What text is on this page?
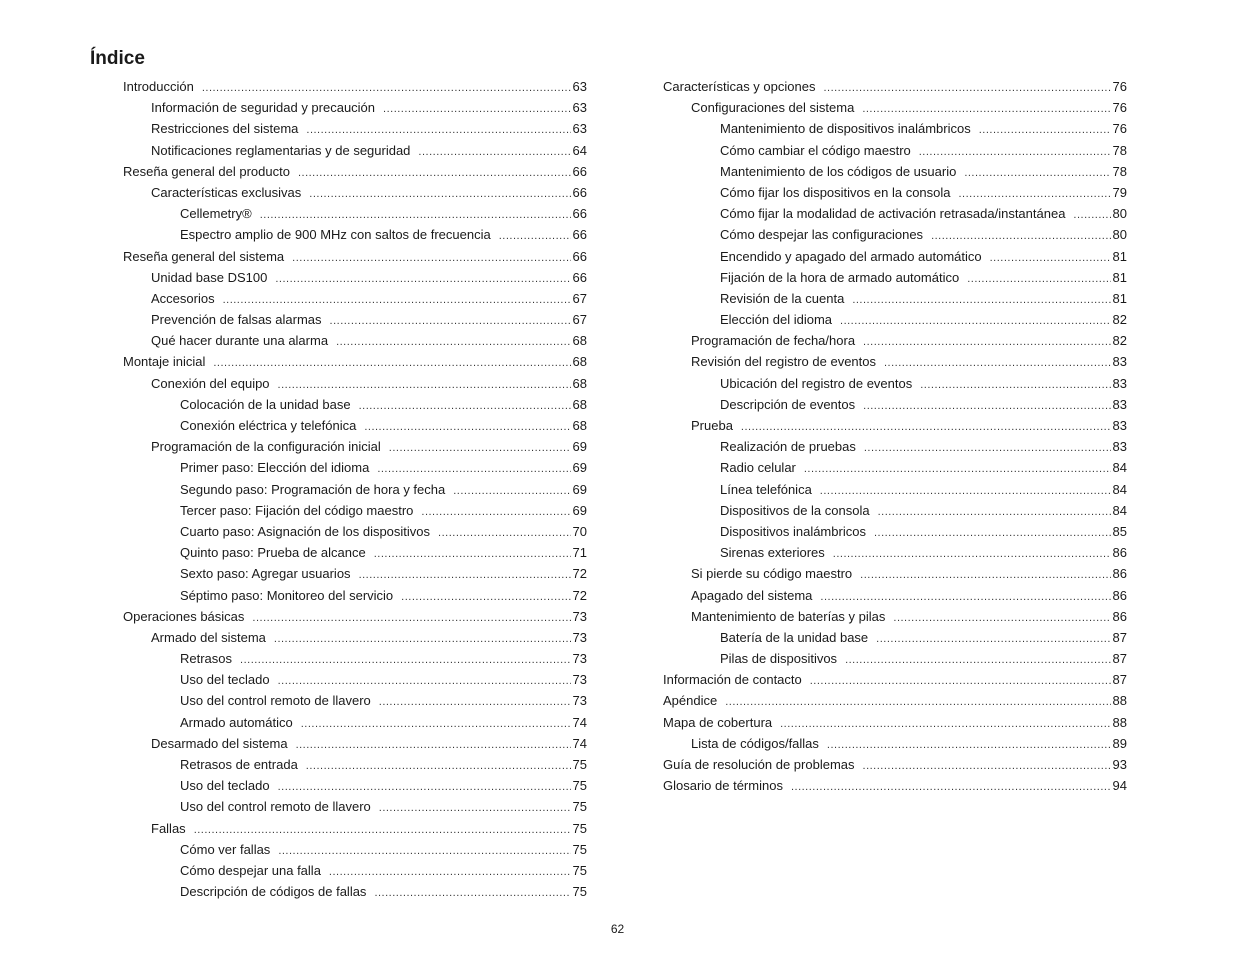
Índice
Introducción .....	63
Información de seguridad y precaución .....	63
Restricciones del sistema .....	63
Notificaciones reglamentarias y de seguridad .....	64
Reseña general del producto .....	66
Características exclusivas .....	66
Cellemetry® .....	66
Espectro amplio de 900 MHz con saltos de frecuencia .....	66
Reseña general del sistema .....	66
Unidad base DS100 .....	66
Accesorios .....	67
Prevención de falsas alarmas .....	67
Qué hacer durante una alarma .....	68
Montaje inicial .....	68
Conexión del equipo .....	68
Colocación de la unidad base .....	68
Conexión eléctrica y telefónica .....	68
Programación de la configuración inicial .....	69
Primer paso: Elección del idioma .....	69
Segundo paso: Programación de hora y fecha .....	69
Tercer paso: Fijación del código maestro .....	69
Cuarto paso: Asignación de los dispositivos .....	70
Quinto paso: Prueba de alcance .....	71
Sexto paso: Agregar usuarios .....	72
Séptimo paso: Monitoreo del servicio .....	72
Operaciones básicas .....	73
Armado del sistema .....	73
Retrasos .....	73
Uso del teclado .....	73
Uso del control remoto de llavero .....	73
Armado automático .....	74
Desarmado del sistema .....	74
Retrasos de entrada .....	75
Uso del teclado .....	75
Uso del control remoto de llavero .....	75
Fallas .....	75
Cómo ver fallas .....	75
Cómo despejar una falla .....	75
Descripción de códigos de fallas .....	75
Características y opciones .....	76
Configuraciones del sistema .....	76
Mantenimiento de dispositivos inalámbricos .....	76
Cómo cambiar el código maestro .....	78
Mantenimiento de los códigos de usuario .....	78
Cómo fijar los dispositivos en la consola .....	79
Cómo fijar la modalidad de activación retrasada/instantánea .....	80
Cómo despejar las configuraciones .....	80
Encendido y apagado del armado automático .....	81
Fijación de la hora de armado automático .....	81
Revisión de la cuenta .....	81
Elección del idioma .....	82
Programación de fecha/hora .....	82
Revisión del registro de eventos .....	83
Ubicación del registro de eventos .....	83
Descripción de eventos .....	83
Prueba .....	83
Realización de pruebas .....	83
Radio celular .....	84
Línea telefónica .....	84
Dispositivos de la consola .....	84
Dispositivos inalámbricos .....	85
Sirenas exteriores .....	86
Si pierde su código maestro .....	86
Apagado del sistema .....	86
Mantenimiento de baterías y pilas .....	86
Batería de la unidad base .....	87
Pilas de dispositivos .....	87
Información de contacto .....	87
Apéndice .....	88
Mapa de cobertura .....	88
Lista de códigos/fallas .....	89
Guía de resolución de problemas .....	93
Glosario de términos .....	94

62
